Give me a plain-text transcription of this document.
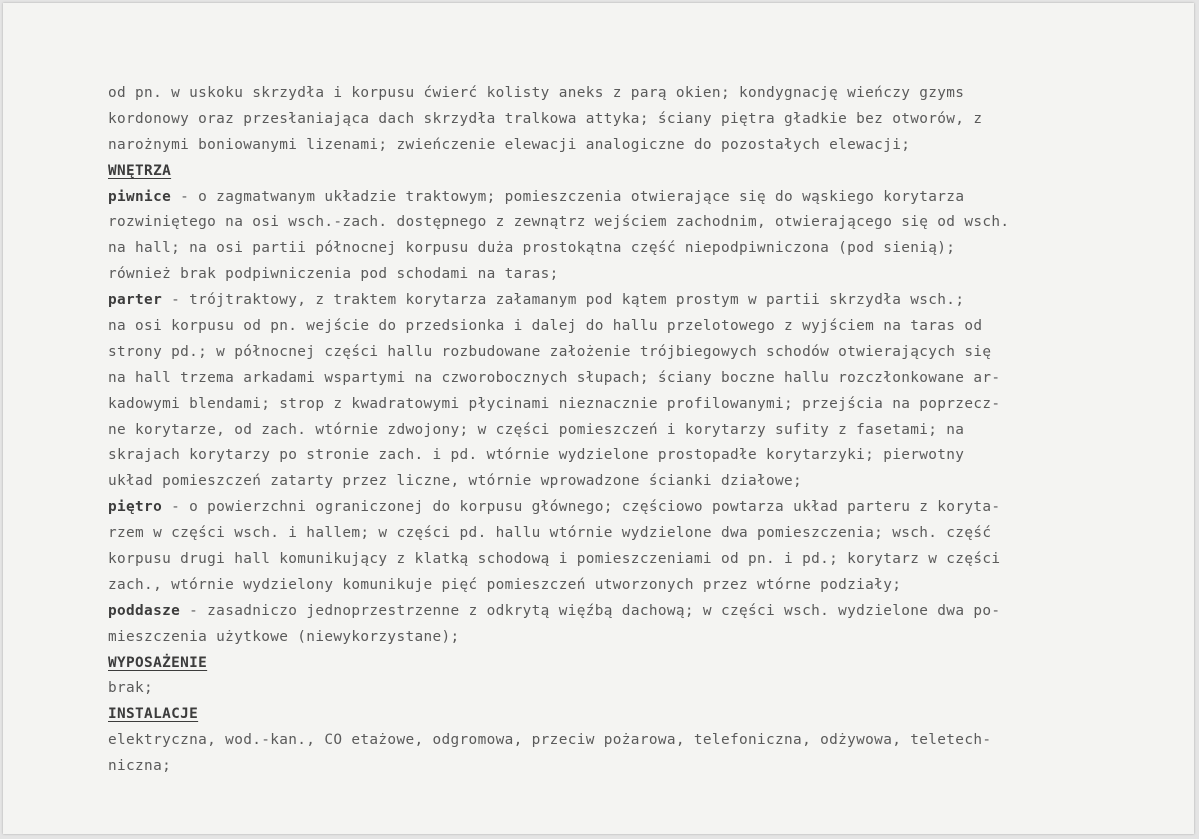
od pn. w uskoku skrzydła i korpusu ćwierć kolisty aneks z parą okien; kondygnację wieńczy gzyms
kordonowy oraz przesłaniająca dach skrzydła tralkowa attyka; ściany piętra gładkie bez otworów, z
narożnymi boniowanymi lizenami; zwieńczenie elewacji analogiczne do pozostałych elewacji;
WNĘTRZA
piwnice - o zagmatwanym układzie traktowym; pomieszczenia otwierające się do wąskiego korytarza
rozwiniętego na osi wsch.-zach. dostępnego z zewnątrz wejściem zachodnim, otwierającego się od wsch.
na hall; na osi partii północnej korpusu duża prostokątna część niepodpiwniczona (pod sienią);
również brak podpiwniczenia pod schodami na taras;
parter - trójtraktowy, z traktem korytarza załamanym pod kątem prostym w partii skrzydła wsch.;
na osi korpusu od pn. wejście do przedsionka i dalej do hallu przelotowego z wyjściem na taras od
strony pd.; w północnej części hallu rozbudowane założenie trójbiegowych schodów otwierających się
na hall trzema arkadami wspartymi na czworobocznych słupach; ściany boczne hallu rozczłonkowane ar-
kadowymi blendami; strop z kwadratowymi płycinami nieznacznie profilowanymi; przejścia na poprzecz-
ne korytarze, od zach. wtórnie zdwojony; w części pomieszczeń i korytarzy sufity z fasetami; na
skrajach korytarzy po stronie zach. i pd. wtórnie wydzielone prostopadłe korytarzyki; pierwotny
układ pomieszczeń zatarty przez liczne, wtórnie wprowadzone ścianki działowe;
piętro - o powierzchni ograniczonej do korpusu głównego; częściowo powtarza układ parteru z koryta-
rzem w części wsch. i hallem; w części pd. hallu wtórnie wydzielone dwa pomieszczenia; wsch. część
korpusu drugi hall komunikujący z klatką schodową i pomieszczeniami od pn. i pd.; korytarz w części
zach., wtórnie wydzielony komunikuje pięć pomieszczeń utworzonych przez wtórne podziały;
poddasze - zasadniczo jednoprzestrzenne z odkrytą więźbą dachową; w części wsch. wydzielone dwa po-
mieszczenia użytkowe (niewykorzystane);
WYPOSAŻENIE
brak;
INSTALACJE
elektryczna, wod.-kan., CO etażowe, odgromowa, przeciw pożarowa, telefoniczna, odżywowa, teletech-
niczna;
